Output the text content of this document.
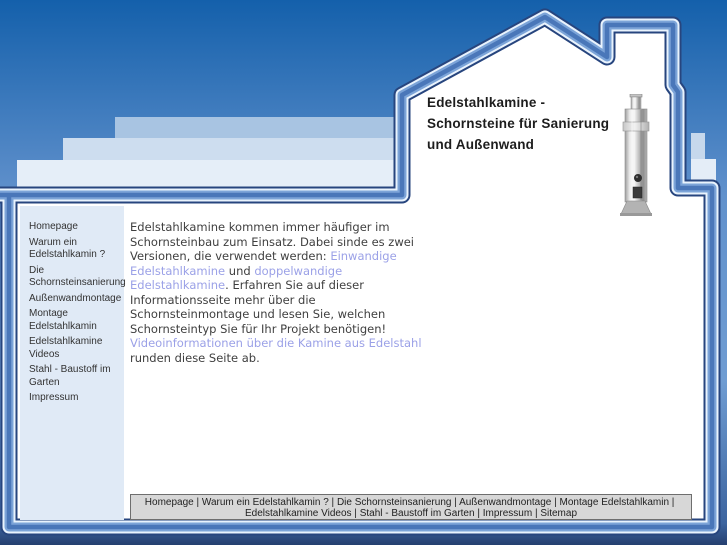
Edelstahlkamine -
Schornsteine für Sanierung
und Außenwand
Homepage
Warum ein Edelstahlkamin ?
Die Schornsteinsanierung
Außenwandmontage
Montage Edelstahlkamin
Edelstahlkamine Videos
Stahl - Baustoff im Garten
Impressum
Edelstahlkamine kommen immer häufiger im Schornsteinbau zum Einsatz. Dabei sinde es zwei Versionen, die verwendet werden: Einwandige Edelstahlkamine und doppelwandige Edelstahlkamine. Erfahren Sie auf dieser Informationsseite mehr über die Schornsteinmontage und lesen Sie, welchen Schornsteintyp Sie für Ihr Projekt benötigen! Videoinformationen über die Kamine aus Edelstahl runden diese Seite ab.
Homepage | Warum ein Edelstahlkamin ? | Die Schornsteinsanierung | Außenwandmontage | Montage Edelstahlkamin |
Edelstahlkamine Videos | Stahl - Baustoff im Garten | Impressum | Sitemap
